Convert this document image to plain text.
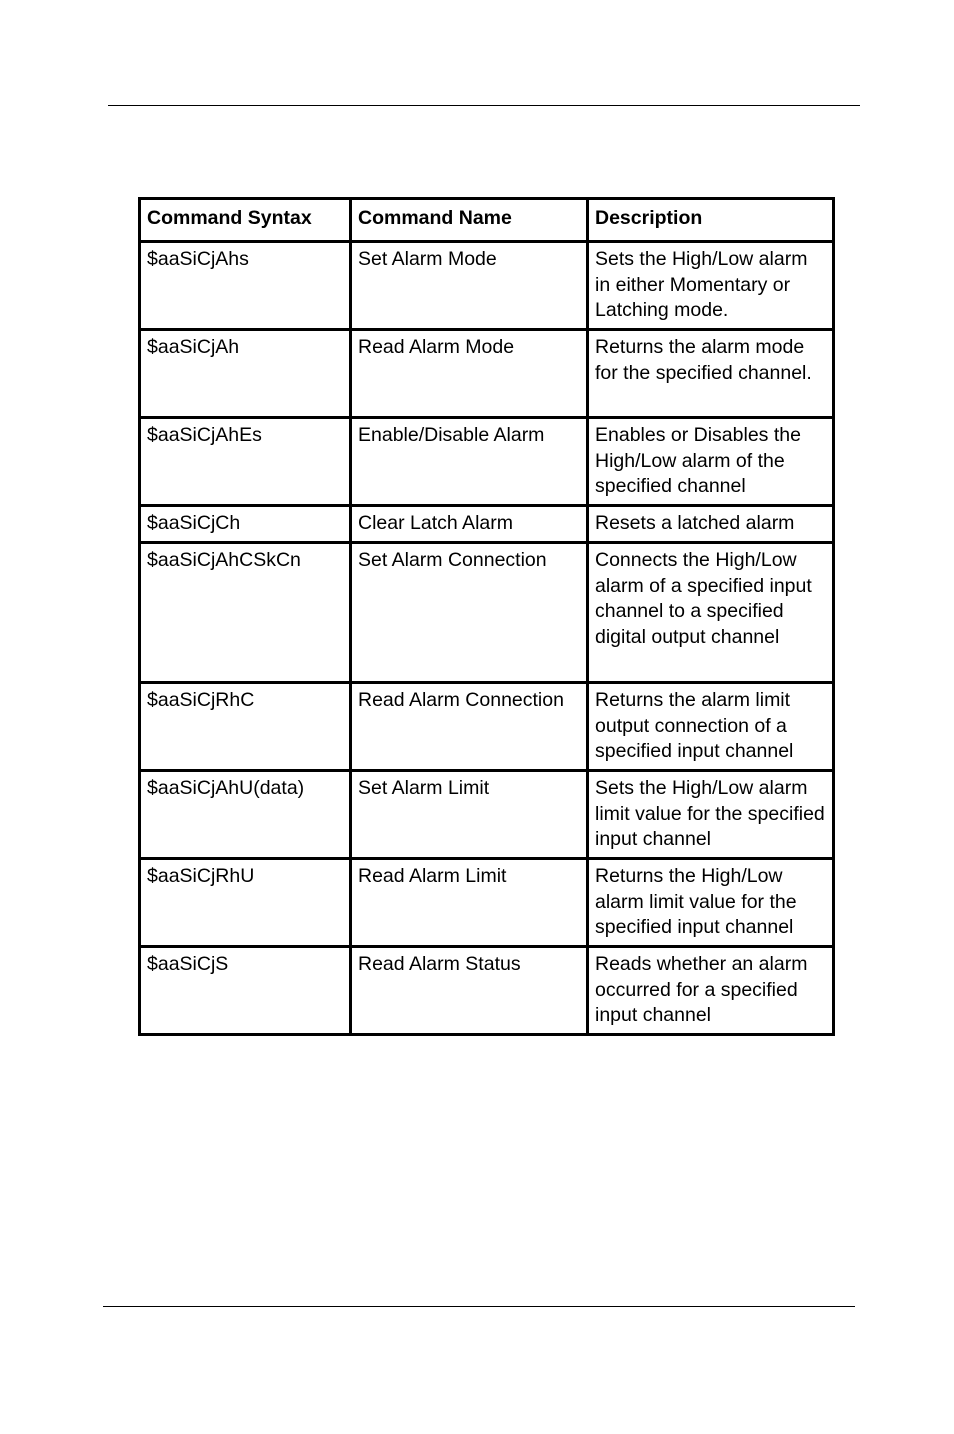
Command Syntax	Command Name	Description
$aaSiCjAhs	Set Alarm Mode	Sets the High/Low alarm in either Momentary or Latching mode.
$aaSiCjAh	Read Alarm Mode	Returns the alarm mode for the specified channel.
$aaSiCjAhEs	Enable/Disable Alarm	Enables or Disables the High/Low alarm of the specified channel
$aaSiCjCh	Clear Latch Alarm	Resets a latched alarm
$aaSiCjAhCSkCn	Set Alarm Connection	Connects the High/Low alarm of a specified input channel to a specified digital output channel
$aaSiCjRhC	Read Alarm Connection	Returns the alarm limit output connection of a specified input channel
$aaSiCjAhU(data)	Set Alarm Limit	Sets the High/Low alarm limit value for the specified input channel
$aaSiCjRhU	Read Alarm Limit	Returns the High/Low alarm limit value for the specified input channel
$aaSiCjS	Read Alarm Status	Reads whether an alarm occurred for a specified input channel
